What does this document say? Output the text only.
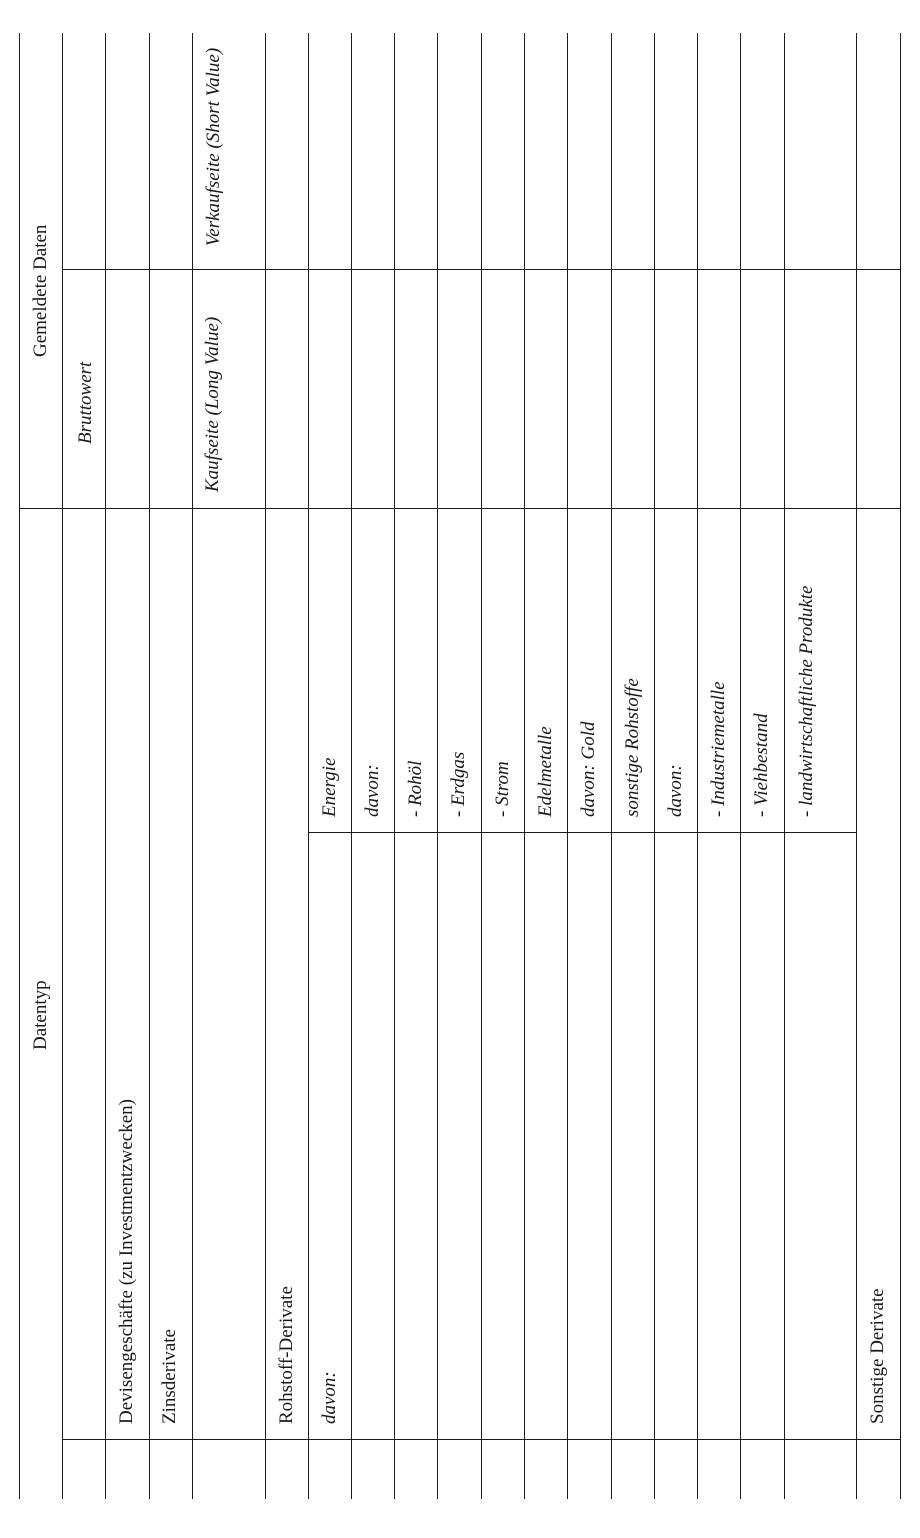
Datentyp
Gemeldete Daten
Bruttowert	Kaufseite (Long Value)
Verkaufseite (Short Value)
Devisengeschäfte (zu Investmentzwecken) Zinsderivate	Rohstoff-Derivate davon:
Energie davon: - Rohöl - Erdgas - Strom Edelmetalle davon: Gold sonstige Rohstoffe davon: - Industriemetalle - Viehbestand - landwirtschaftliche Produkte
Sonstige Derivate
